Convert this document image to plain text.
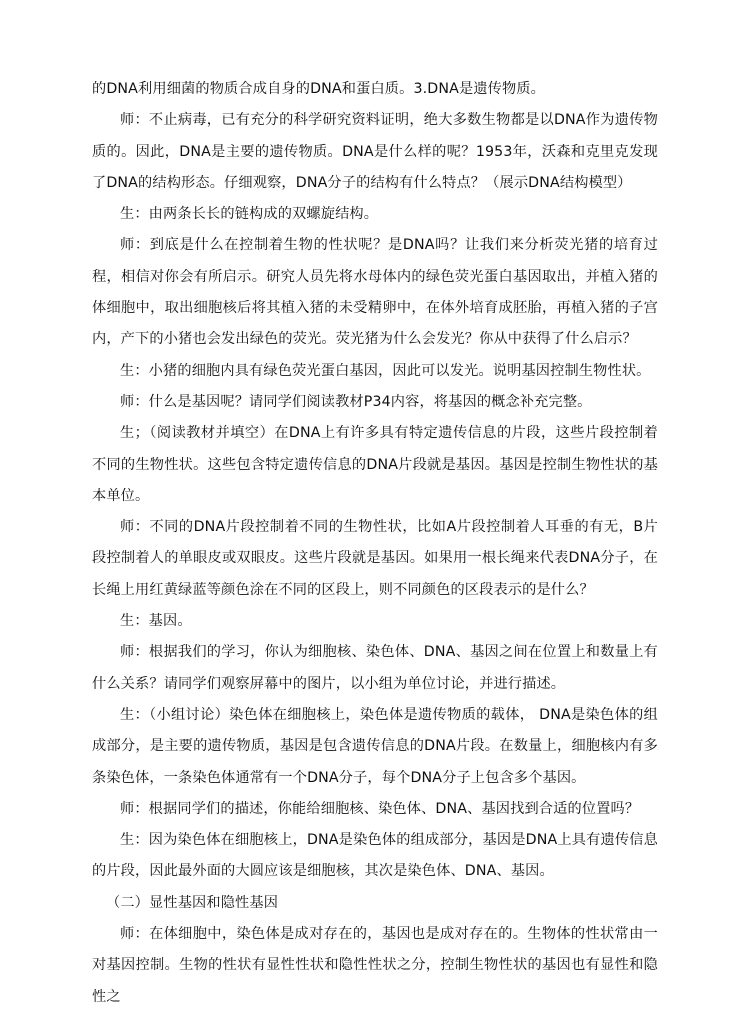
的DNA利用细菌的物质合成自身的DNA和蛋白质。3.DNA是遗传物质。

师：不止病毒，已有充分的科学研究资料证明，绝大多数生物都是以DNA作为遗传物质的。因此，DNA是主要的遗传物质。DNA是什么样的呢？1953年，沃森和克里克发现了DNA的结构形态。仔细观察，DNA分子的结构有什么特点？（展示DNA结构模型）

生：由两条长长的链构成的双螺旋结构。

师：到底是什么在控制着生物的性状呢？是DNA吗？让我们来分析荧光猪的培育过程，相信对你会有所启示。研究人员先将水母体内的绿色荧光蛋白基因取出，并植入猪的体细胞中，取出细胞核后将其植入猪的未受精卵中，在体外培育成胚胎，再植入猪的子宫内，产下的小猪也会发出绿色的荧光。荧光猪为什么会发光？你从中获得了什么启示？

生：小猪的细胞内具有绿色荧光蛋白基因，因此可以发光。说明基因控制生物性状。

师：什么是基因呢？请同学们阅读教材P34内容，将基因的概念补充完整。

生；（阅读教材并填空）在DNA上有许多具有特定遗传信息的片段，这些片段控制着不同的生物性状。这些包含特定遗传信息的DNA片段就是基因。基因是控制生物性状的基本单位。

师：不同的DNA片段控制着不同的生物性状，比如A片段控制着人耳垂的有无，B片段控制着人的单眼皮或双眼皮。这些片段就是基因。如果用一根长绳来代表DNA分子，在长绳上用红黄绿蓝等颜色涂在不同的区段上，则不同颜色的区段表示的是什么？

生：基因。

师：根据我们的学习，你认为细胞核、染色体、DNA、基因之间在位置上和数量上有什么关系？请同学们观察屏幕中的图片，以小组为单位讨论，并进行描述。

生：（小组讨论）染色体在细胞核上，染色体是遗传物质的载体， DNA是染色体的组成部分，是主要的遗传物质，基因是包含遗传信息的DNA片段。在数量上，细胞核内有多条染色体，一条染色体通常有一个DNA分子，每个DNA分子上包含多个基因。

师：根据同学们的描述，你能给细胞核、染色体、DNA、基因找到合适的位置吗？

生：因为染色体在细胞核上，DNA是染色体的组成部分，基因是DNA上具有遗传信息的片段，因此最外面的大圆应该是细胞核，其次是染色体、DNA、基因。

（二）显性基因和隐性基因

师：在体细胞中，染色体是成对存在的，基因也是成对存在的。生物体的性状常由一对基因控制。生物的性状有显性性状和隐性性状之分，控制生物性状的基因也有显性和隐性之
